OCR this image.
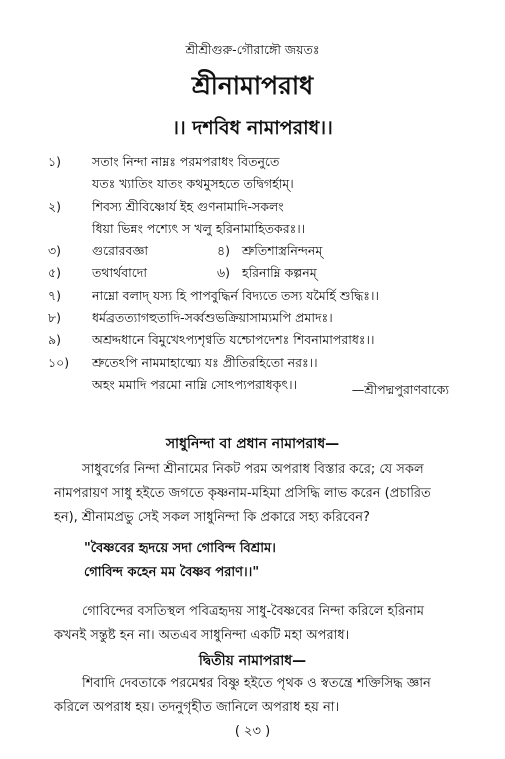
শ্রীশ্রীগুরু-গৌরাঙ্গৌ জয়তঃ
শ্রীনামাপরাধ
।। দশবিধ নামাপরাধ।।
১) সতাং নিন্দা নাম্নঃ পরমপরাধং বিতনুতে
যতঃ খ্যাতিং যাতং কথমুসহতে তদ্বিগর্হাম্‌।
২) শিবস্য শ্রীবিষ্ণোর্য ইহ গুণনামাদি-সকলং
ধিয়া ভিন্নং পশ্যেৎ স খলু হরিনামাহিতকরঃ।।
৩) গুরোরবজ্ঞা	৪) শ্রুতিশাস্ত্রনিন্দনম্‌
৫) তথার্থবাদো	৬) হরিনাম্নি কল্পনম্‌
৭) নাম্নো বলাদ্‌ যস্য হি পাপবুদ্ধির্ন বিদ্যতে তস্য যমৈর্হি শুদ্ধিঃ।।
৮) ধর্মব্রতত্যাগহুতাদি-সর্ব্বশুভক্রিয়াসাম্যমপি প্রমাদঃ।
৯) অশ্রদ্দধানে বিমুখেঽপ্যশৃণ্বতি যশ্চোপদেশঃ শিবনামাপরাধঃ।।
১০) শ্রুতেঽপি নামমাহাত্ম্যে যঃ প্রীতিরহিতো নরঃ।।
অহং মমাদি পরমো নাম্নি সোঽপ্যপরাধকৃৎ।।	—শ্রীপদ্মপুরাণবাক্যে
সাধুনিন্দা বা প্রধান নামাপরাধ—
সাধুবর্গের নিন্দা শ্রীনামের নিকট পরম অপরাধ বিস্তার করে; যে সকল
নামপরায়ণ সাধু হইতে জগতে কৃষ্ণনাম-মহিমা প্রসিদ্ধি লাভ করেন (প্রচারিত
হন), শ্রীনামপ্রভু সেই সকল সাধুনিন্দা কি প্রকারে সহ্য করিবেন?
"বৈষ্ণবের হৃদয়ে সদা গোবিন্দ বিশ্রাম।
গোবিন্দ কহেন মম বৈষ্ণব পরাণ।।"
গোবিন্দের বসতিস্থল পবিত্রহৃদয় সাধু-বৈষ্ণবের নিন্দা করিলে হরিনাম
কখনই সন্তুষ্ট হন না। অতএব সাধুনিন্দা একটি মহা অপরাধ।
দ্বিতীয় নামাপরাধ—
শিবাদি দেবতাকে পরমেশ্বর বিষ্ণু হইতে পৃথক ও স্বতন্ত্রে শক্তিসিদ্ধ জ্ঞান
করিলে অপরাধ হয়। তদনুগৃহীত জানিলে অপরাধ হয় না।
( ২৩ )
